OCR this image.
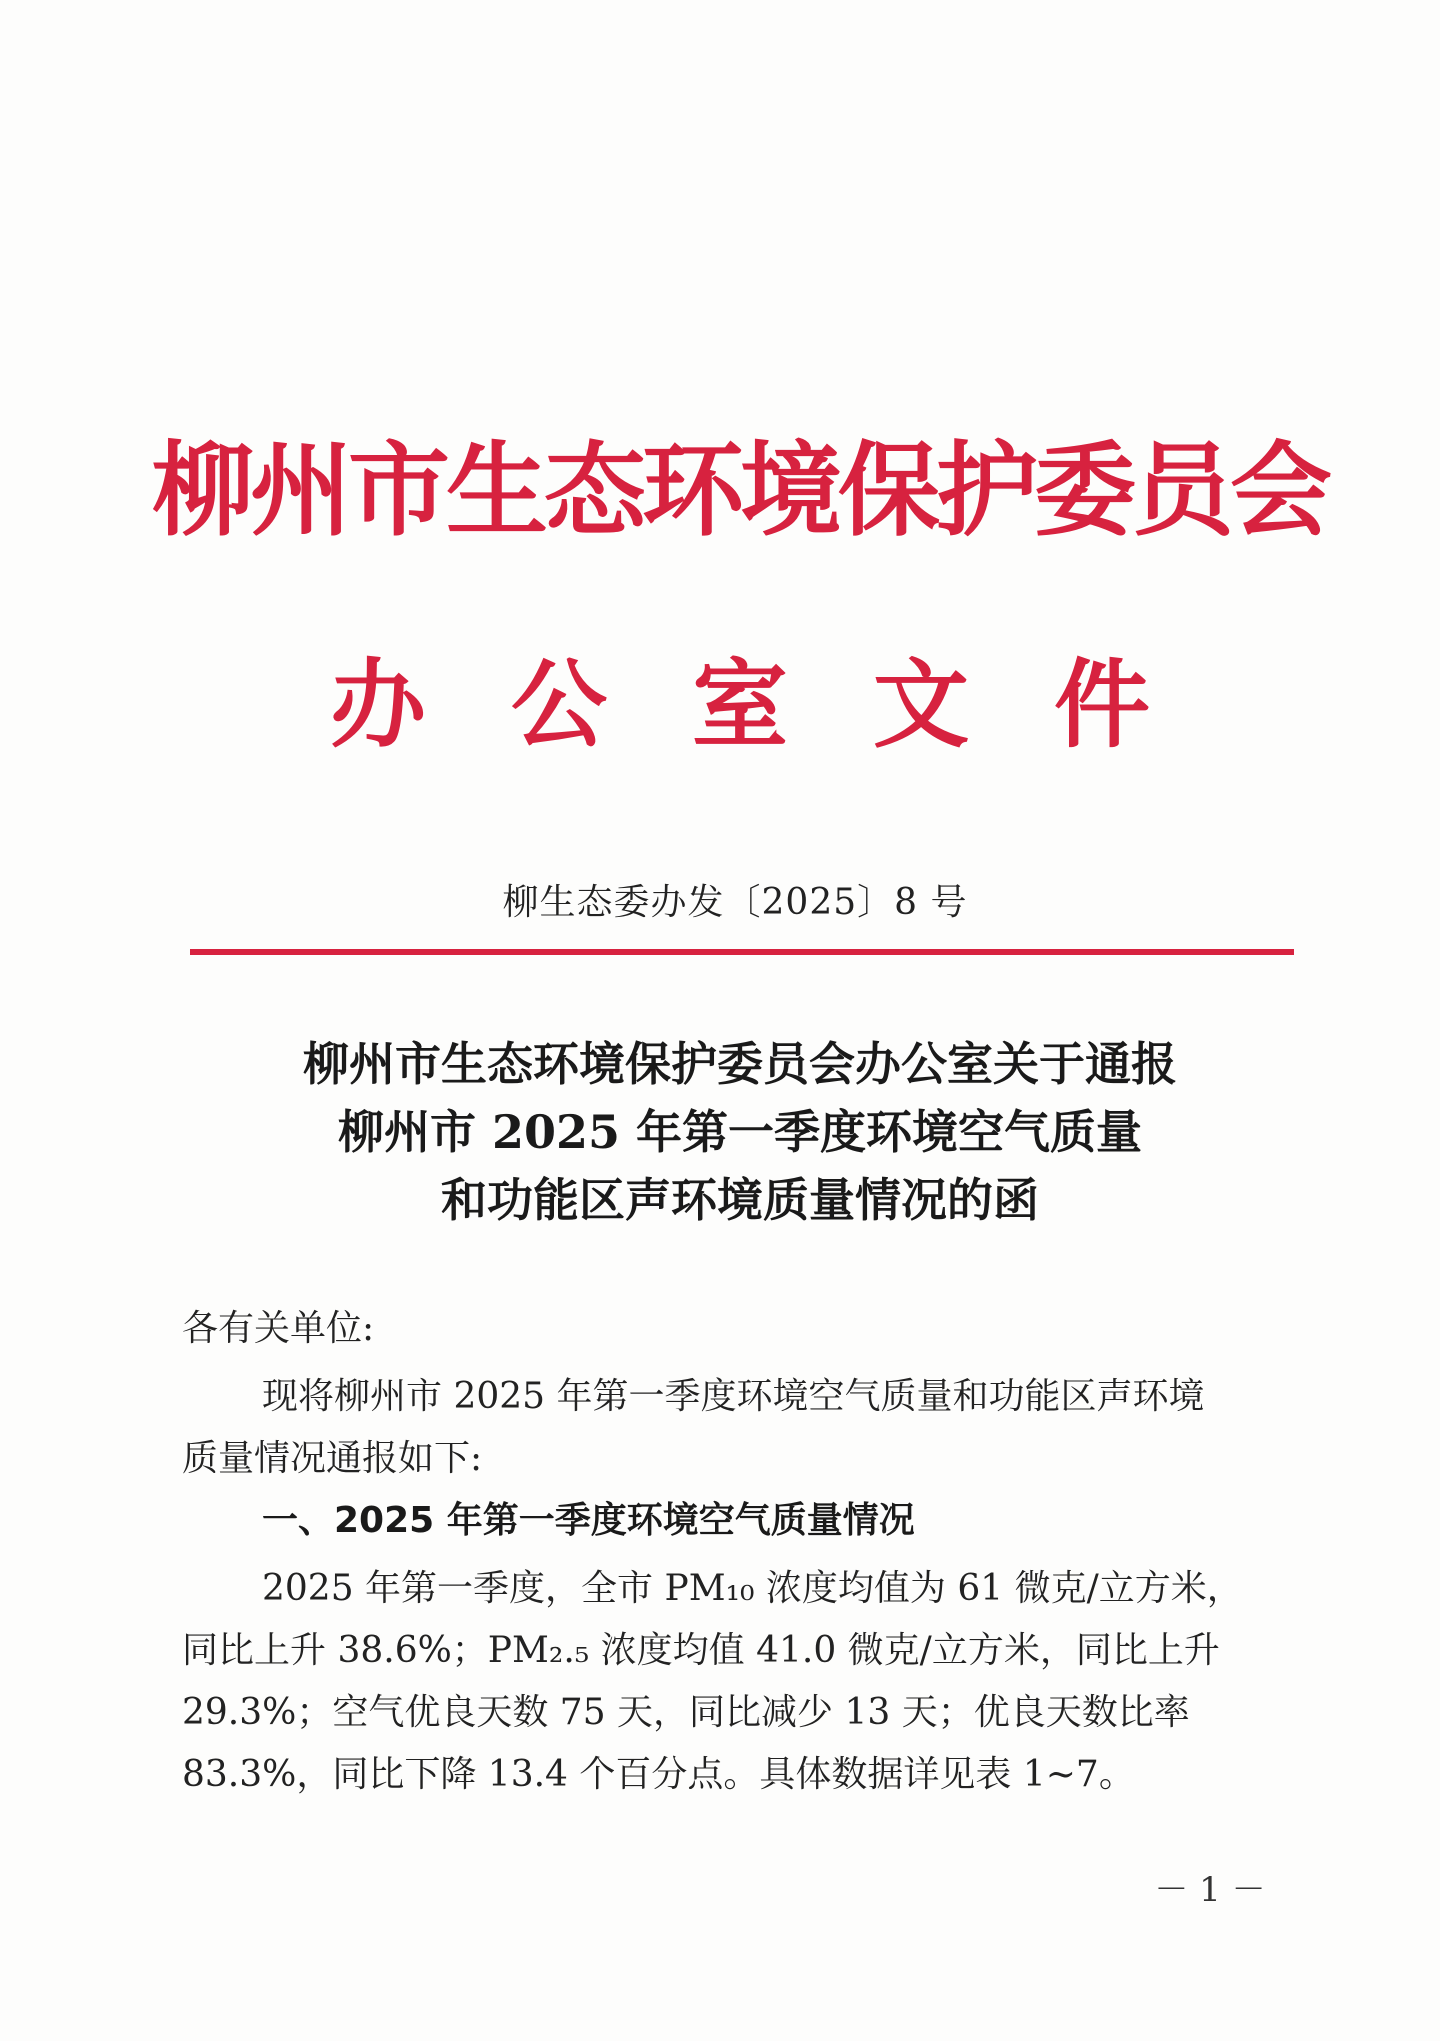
柳州市生态环境保护委员会
办 公 室 文 件
柳生态委办发〔2025〕8 号
柳州市生态环境保护委员会办公室关于通报
柳州市 2025 年第一季度环境空气质量
和功能区声环境质量情况的函
各有关单位:
现将柳州市 2025 年第一季度环境空气质量和功能区声环境
质量情况通报如下:
一、2025 年第一季度环境空气质量情况
2025 年第一季度，全市 PM₁₀ 浓度均值为 61 微克/立方米，
同比上升 38.6%；PM₂.₅ 浓度均值 41.0 微克/立方米，同比上升
29.3%；空气优良天数 75 天，同比减少 13 天；优良天数比率
83.3%，同比下降 13.4 个百分点。具体数据详见表 1~7。
－ 1 －
